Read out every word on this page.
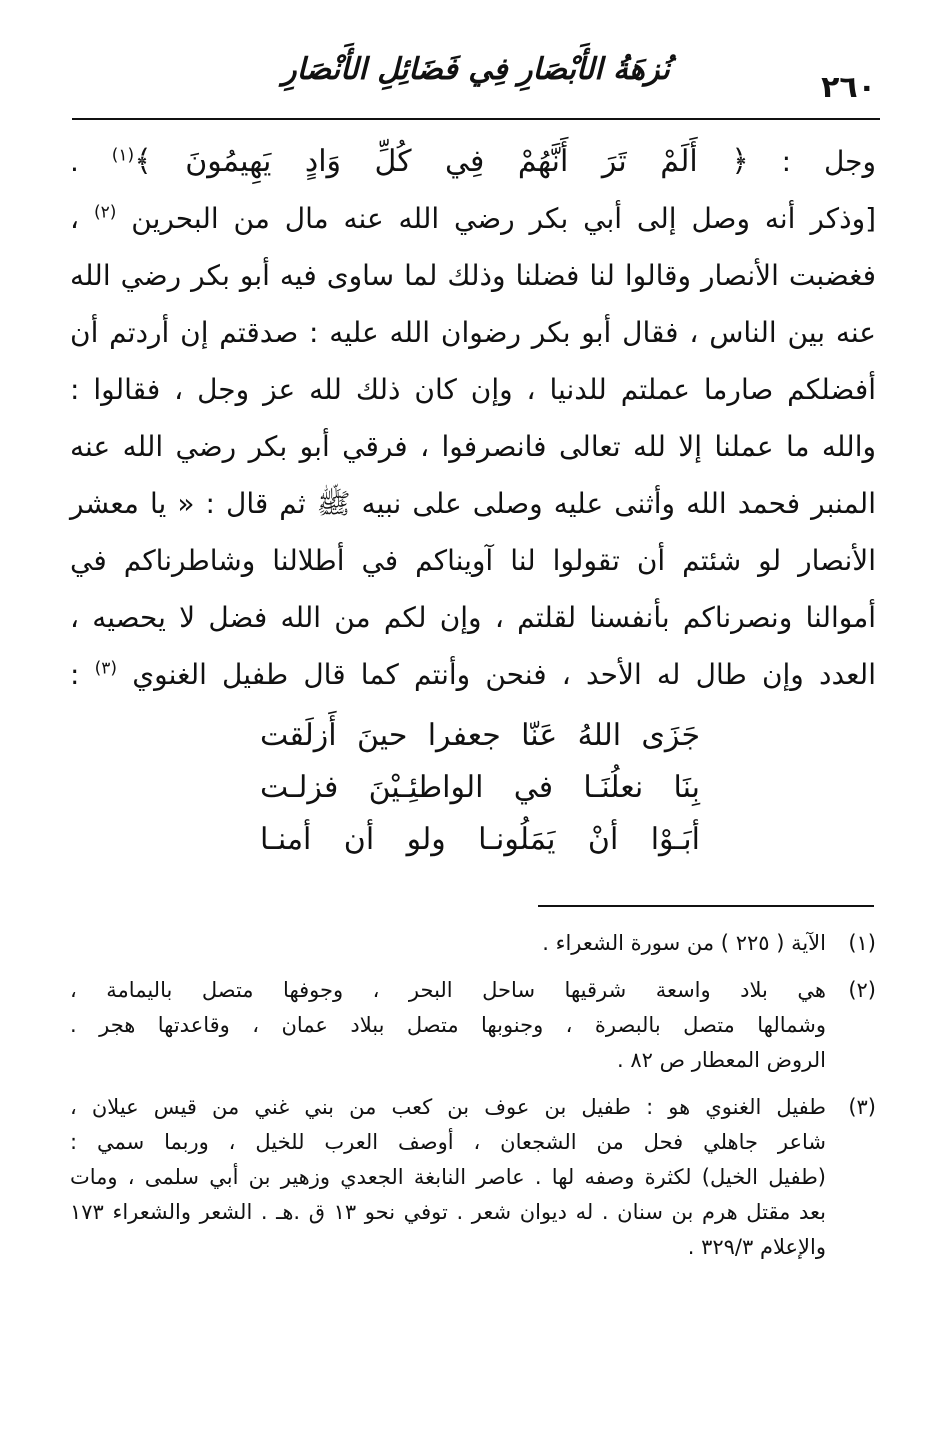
نُزهَةُ الأَبْصَارِ فِي فَضَائِلِ الأَنْصَارِ
٢٦٠

وجل : ﴿ أَلَمْ تَرَ أَنَّهُمْ فِي كُلِّ وَادٍ يَهِيمُونَ ﴾$^{(١)}$ .

[وذكر أنه وصل إلى أبي بكر رضي الله عنه مال من البحرين $^{(٢)}$ ،

فغضبت الأنصار وقالوا لنا فضلنا وذلك لما ساوى فيه أبو بكر رضي الله

عنه بين الناس ، فقال أبو بكر رضوان الله عليه : صدقتم إن أردتم أن

أفضلكم صارما عملتم للدنيا ، وإن كان ذلك لله عز وجل ، فقالوا :

والله ما عملنا إلا لله تعالى فانصرفوا ، فرقي أبو بكر رضي الله عنه

المنبر فحمد الله وأثنى عليه وصلى على نبيه ﷺ ثم قال : « يا معشر

الأنصار لو شئتم أن تقولوا لنا آويناكم في أطلالنا وشاطرناكم في

أموالنا ونصرناكم بأنفسنا لقلتم ، وإن لكم من الله فضل لا يحصيه ،

العدد وإن طال له الأحد ، فنحن وأنتم كما قال طفيل الغنوي $^{(٣)}$ :

جَزَى اللهُ عَنّا جعفرا حينَ أَزلَقت
بِنَا نعلُنَـا في الواطئِـيْنَ فزلـت
أبَـوْا أنْ يَمَلُونـا ولو أن أمنـا
(١)
الآية ( ٢٢٥ ) من سورة الشعراء .
(٢)
هي بلاد واسعة شرقيها ساحل البحر ، وجوفها متصل باليمامة ،
وشمالها متصل بالبصرة ، وجنوبها متصل ببلاد عمان ، وقاعدتها هجر .
الروض المعطار ص ٨٢ .
(٣)
طفيل الغنوي هو : طفيل بن عوف بن كعب من بني غني من قيس عيلان ،
شاعر جاهلي فحل من الشجعان ، أوصف العرب للخيل ، وربما سمي :
(طفيل الخيل) لكثرة وصفه لها . عاصر النابغة الجعدي وزهير بن أبي سلمى ، ومات
بعد مقتل هرم بن سنان . له ديوان شعر . توفي نحو ١٣ ق .هـ . الشعر والشعراء ١٧٣
والإعلام ٣٢٩/٣ .
